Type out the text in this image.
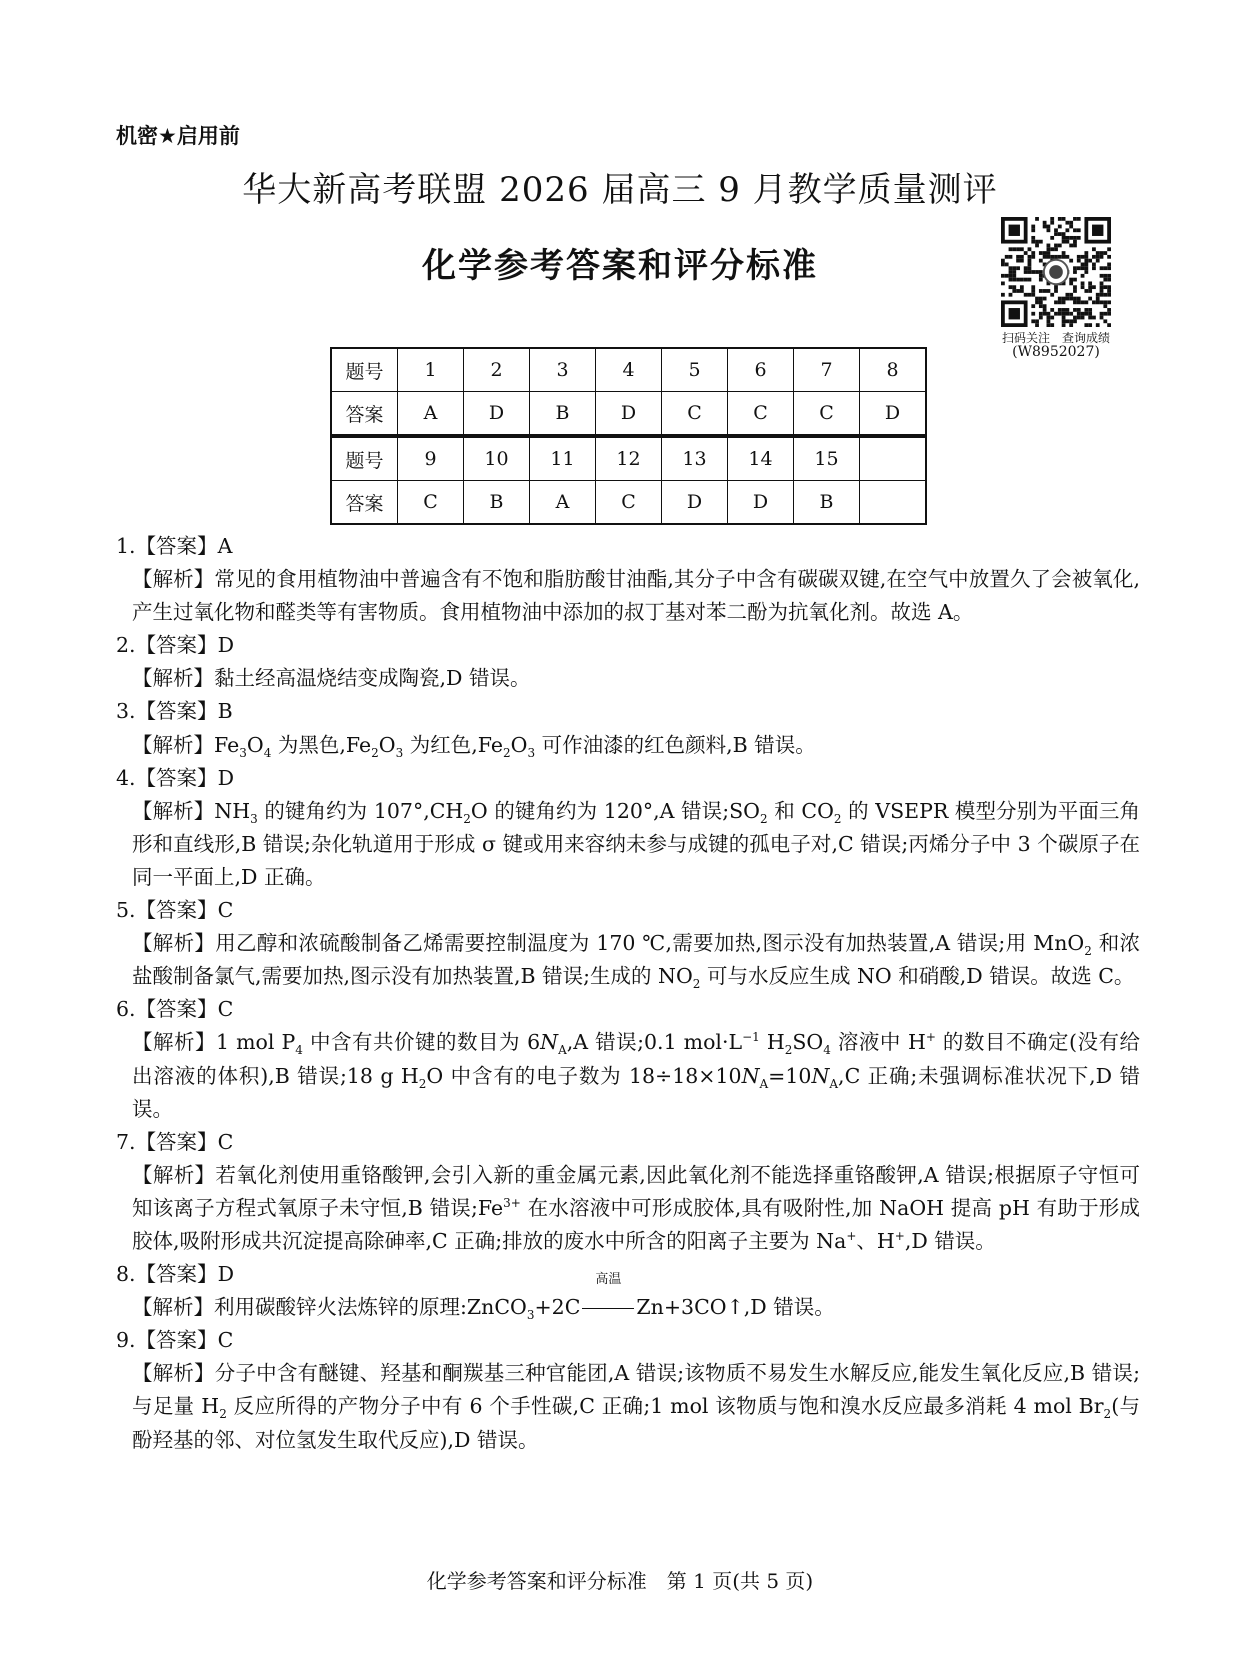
机密★启用前
华大新高考联盟 2026 届高三 9 月教学质量测评
化学参考答案和评分标准
扫码关注　查询成绩
(W8952027)
题号	1	2	3	4	5	6	7	8
答案	A	D	B	D	C	C	C	D
题号	9	10	11	12	13	14	15	
答案	C	B	A	C	D	D	B	
1.【答案】A
【解析】常见的食用植物油中普遍含有不饱和脂肪酸甘油酯,其分子中含有碳碳双键,在空气中放置久了会被氧化,产生过氧化物和醛类等有害物质。食用植物油中添加的叔丁基对苯二酚为抗氧化剂。故选 A。
2.【答案】D
【解析】黏土经高温烧结变成陶瓷,D 错误。
3.【答案】B
【解析】$Fe_3O_4$ 为黑色$,Fe_2O_3$ 为红色$,Fe_2O_3$ 可作油漆的红色颜料,B 错误。
4.【答案】D
【解析】$NH_3$ 的键角约为 $107^\circ,CH_2O$ 的键角约为 120°,A 错误$;SO_2$ 和 $CO_2$ 的 VSEPR 模型分别为平面三角形和直线形,B 错误;杂化轨道用于形成 σ 键或用来容纳未参与成键的孤电子对,C 错误;丙烯分子中 3 个碳原子在同一平面上,D 正确。
5.【答案】C
【解析】用乙醇和浓硫酸制备乙烯需要控制温度为 170 ℃,需要加热,图示没有加热装置,A 错误;用 MnO$_2$ 和浓盐酸制备氯气,需要加热,图示没有加热装置,B 错误;生成的 $NO_2$ 可与水反应生成 NO 和硝酸,D 错误。故选 C。
6.【答案】C
【解析】1 mol $P_4$ 中含有共价键的数目为 $6N_A,A$ 错误;0.1 $mol\cdot L^{-1}$ $H_2SO_4$ 溶液中 H+ 的数目不确定(没有给出溶液的体积),B 错误;18 g $H_2O$ 中含有的电子数为 $18\div 18\times 10N_A=10N_A,C$ 正确;未强调标准状况下,D 错误。
7.【答案】C
【解析】若氧化剂使用重铬酸钾,会引入新的重金属元素,因此氧化剂不能选择重铬酸钾,A 错误;根据原子守恒可知该离子方程式氧原子未守恒,B 错误$;Fe^{3+}$ 在水溶液中可形成胶体,具有吸附性,加 NaOH 提高 pH 有助于形成胶体,吸附形成共沉淀提高除砷率,C 正确;排放的废水中所含的阳离子主要为 Na+、H+,D 错误。
8.【答案】D
【解析】利用碳酸锌火法炼锌的原理:ZnCO$_3$+2C
高温
Zn+3CO↑,D 错误。
9.【答案】C
【解析】分子中含有醚键、羟基和酮羰基三种官能团,A 错误;该物质不易发生水解反应,能发生氧化反应,B 错误;与足量 $H_2$ 反应所得的产物分子中有 6 个手性碳,C 正确;1 mol 该物质与饱和溴水反应最多消耗 4 mol $Br_2$(与酚羟基的邻、对位氢发生取代反应),D 错误。
化学参考答案和评分标准　第 1 页(共 5 页)
